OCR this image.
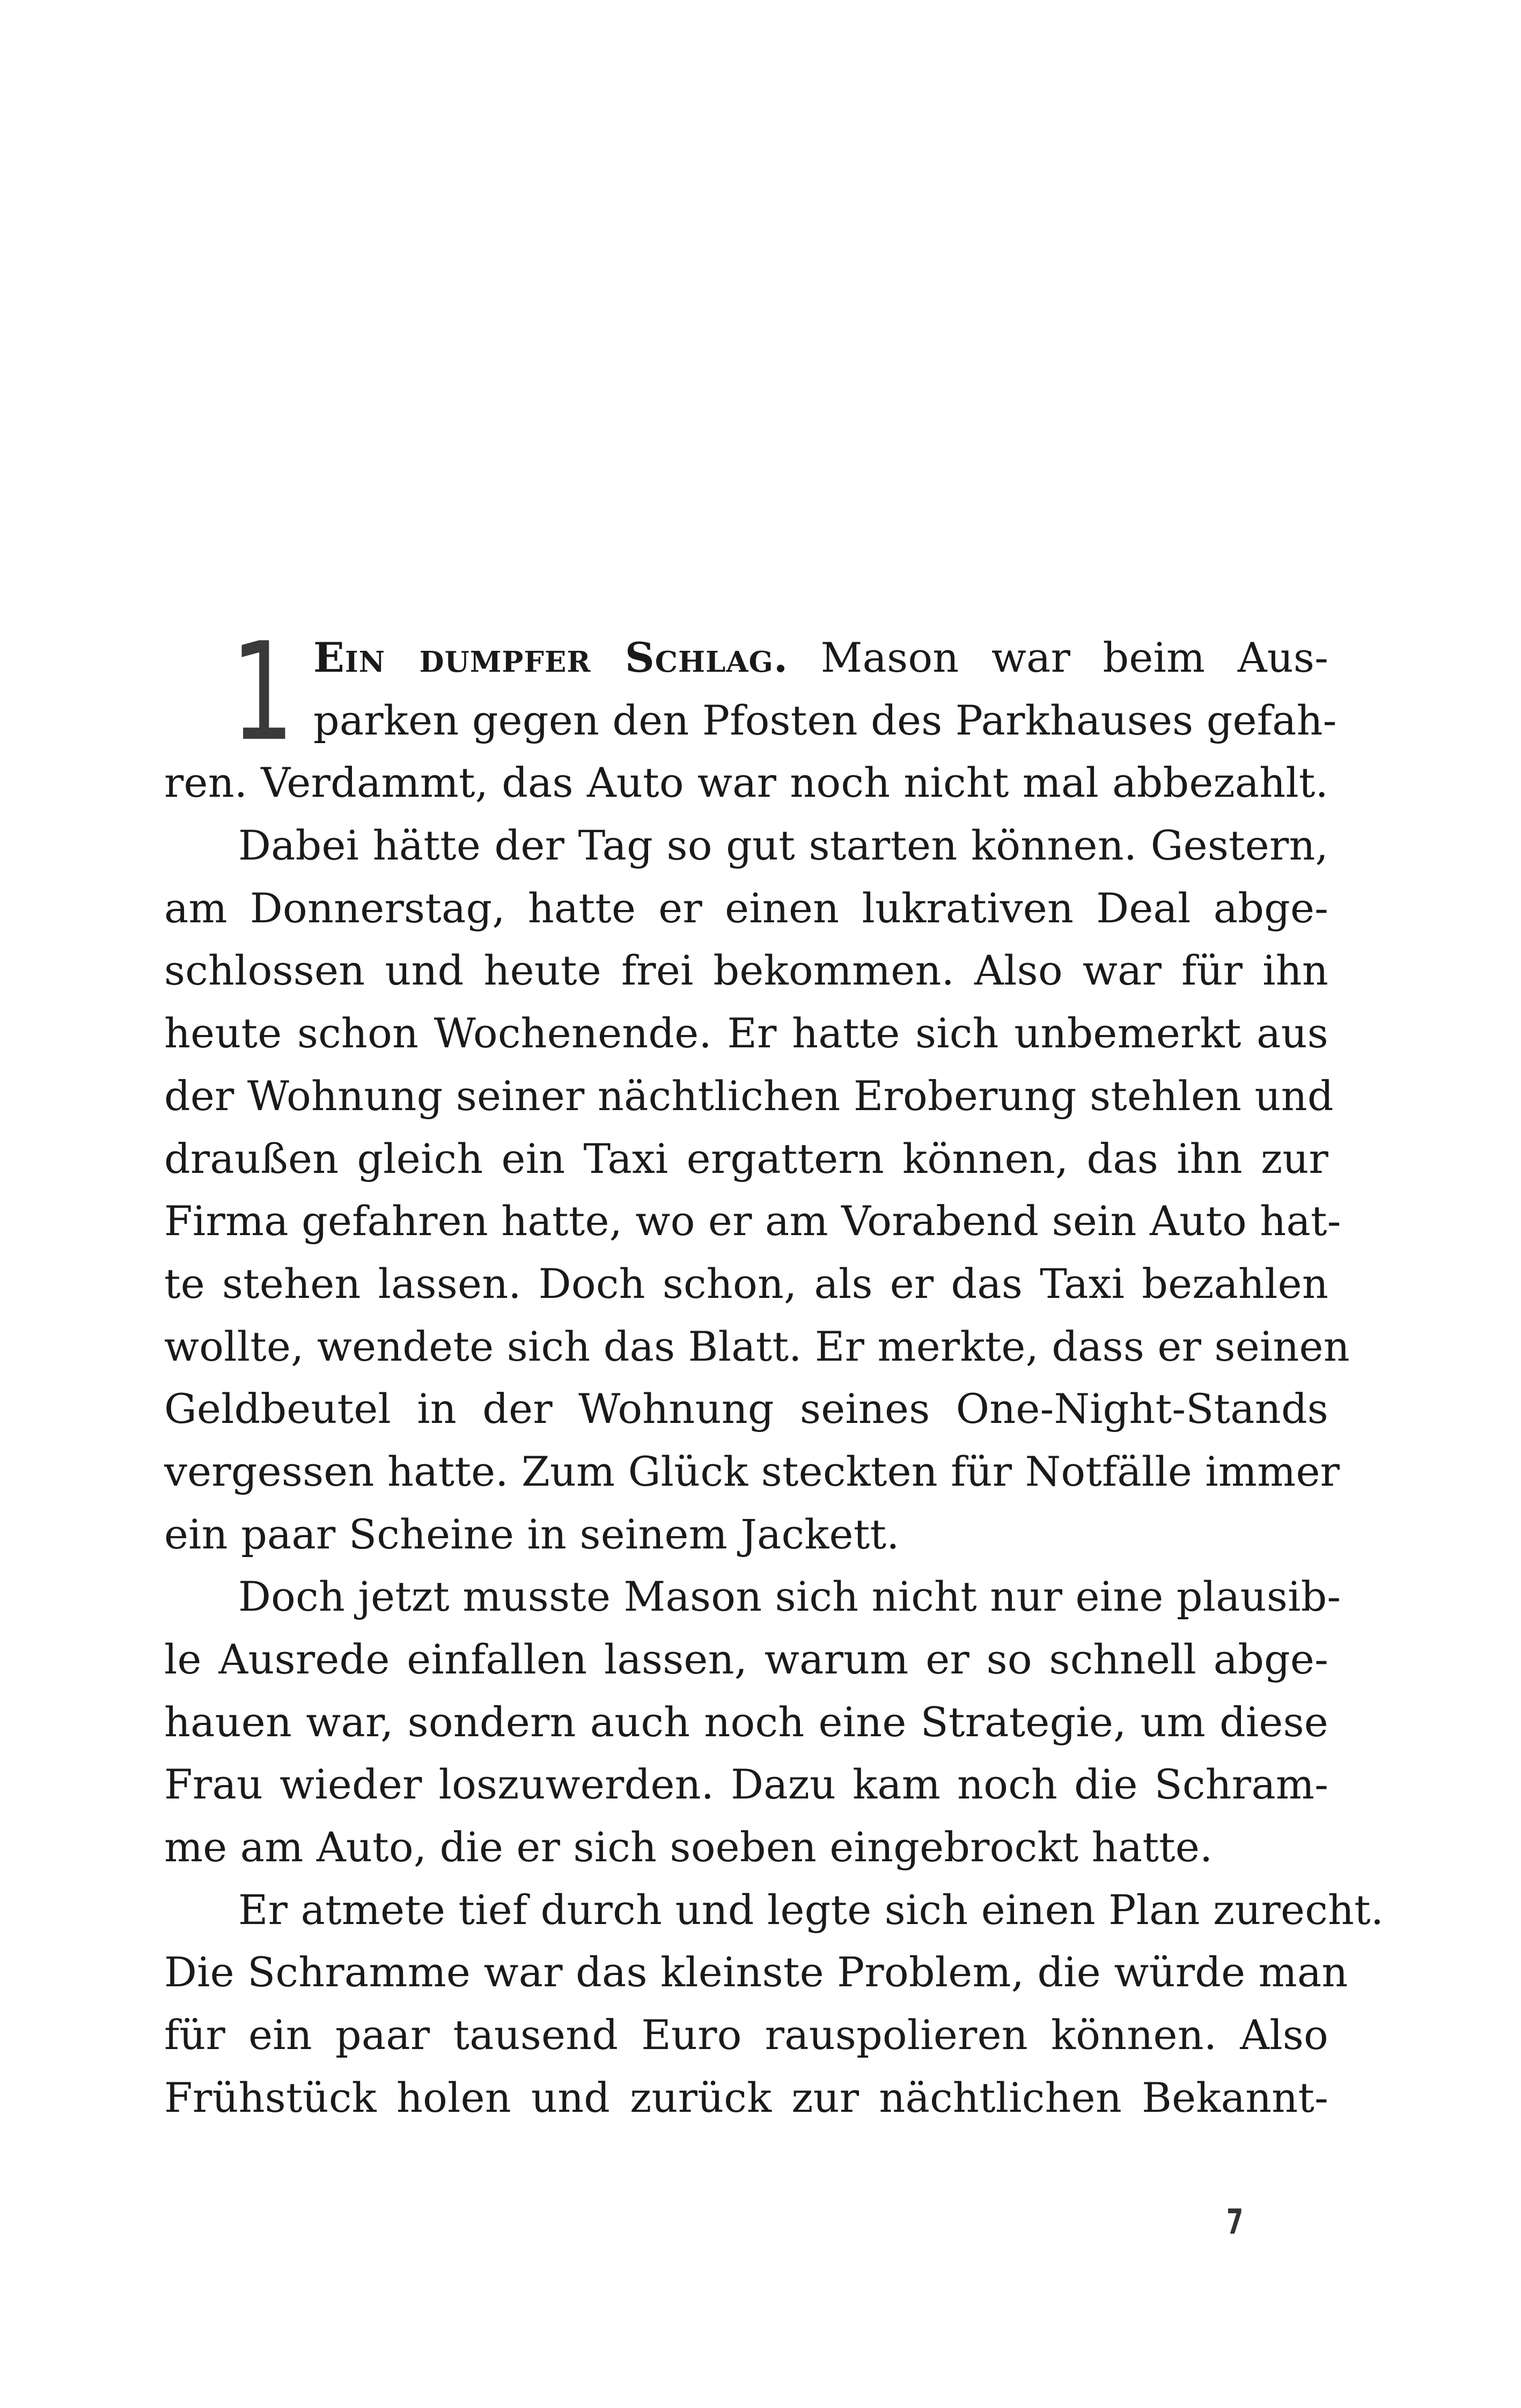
1 Ein dumpfer Schlag. Mason war beim Aus-
parken gegen den Pfosten des Parkhauses gefah-
ren. Verdammt, das Auto war noch nicht mal abbezahlt.
Dabei hätte der Tag so gut starten können. Gestern,
am Donnerstag, hatte er einen lukrativen Deal abge-
schlossen und heute frei bekommen. Also war für ihn
heute schon Wochenende. Er hatte sich unbemerkt aus
der Wohnung seiner nächtlichen Eroberung stehlen und
draußen gleich ein Taxi ergattern können, das ihn zur
Firma gefahren hatte, wo er am Vorabend sein Auto hat-
te stehen lassen. Doch schon, als er das Taxi bezahlen
wollte, wendete sich das Blatt. Er merkte, dass er seinen
Geldbeutel in der Wohnung seines One-Night-Stands
vergessen hatte. Zum Glück steckten für Notfälle immer
ein paar Scheine in seinem Jackett.
Doch jetzt musste Mason sich nicht nur eine plausib-
le Ausrede einfallen lassen, warum er so schnell abge-
hauen war, sondern auch noch eine Strategie, um diese
Frau wieder loszuwerden. Dazu kam noch die Schram-
me am Auto, die er sich soeben eingebrockt hatte.
Er atmete tief durch und legte sich einen Plan zurecht.
Die Schramme war das kleinste Problem, die würde man
für ein paar tausend Euro rauspolieren können. Also
Frühstück holen und zurück zur nächtlichen Bekannt-
7
